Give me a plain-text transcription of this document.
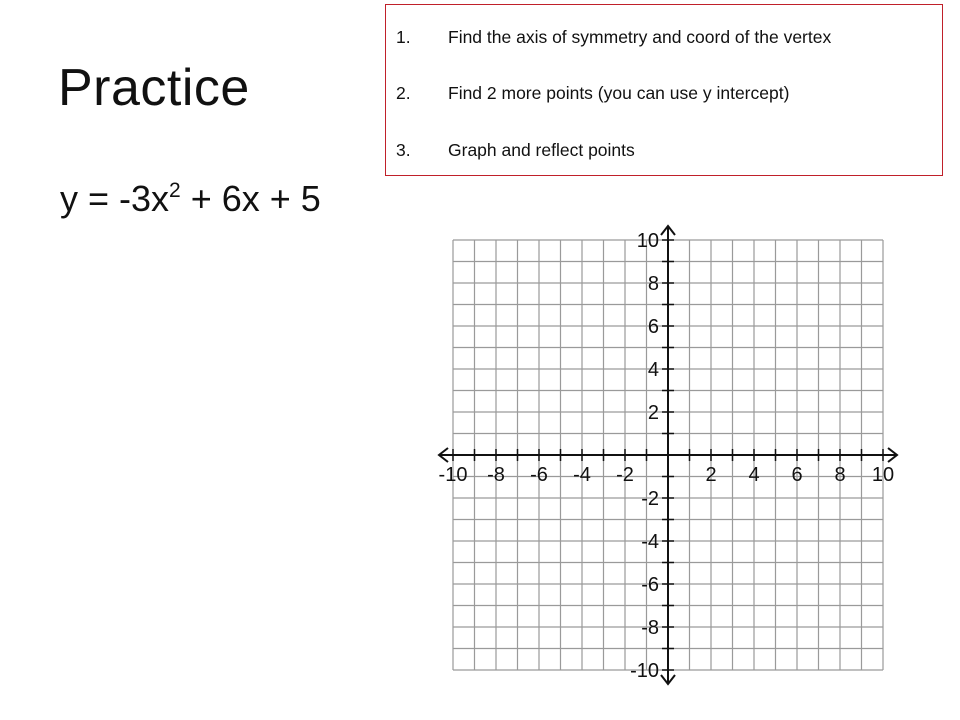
Practice
$y = -3x^2 + 6x + 5$
1. Find the axis of symmetry and coord of the vertex
2. Find 2 more points (you can use y intercept)
3. Graph and reflect points
-10 -8 -6 -4 -2	2 4 6 8 10
10
8
6
4
2
-2
-4
-6
-8
-10
